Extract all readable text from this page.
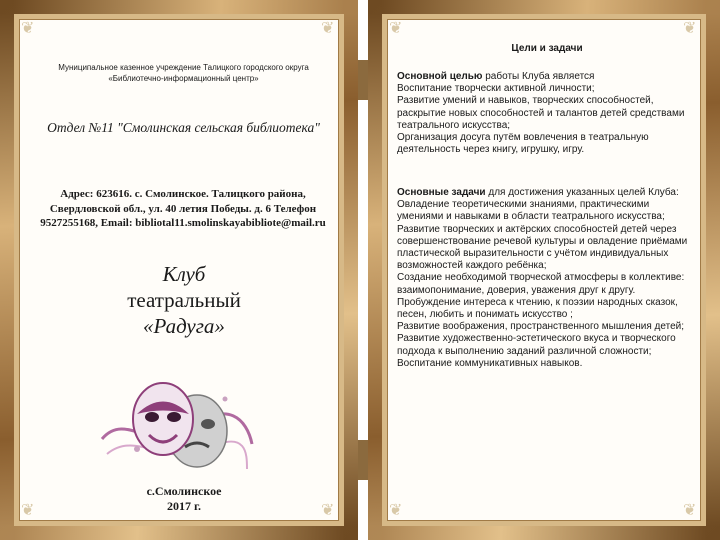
❦	❦
❦	❦

Муниципальное казенное учреждение Талицкого городского округа «Библиотечно-информационный центр»

Отдел №11 "Смолинская сельская библиотека"

Адрес: 623616. с. Смолинское. Талицкого района, Свердловской обл., ул. 40 летия Победы. д. 6 Телефон 9527255168, Email: bibliotal11.smolinskayabibliote@mail.ru

Клуб
театральный
«Радуга»
с.Смолинское
2017 г.
❦	❦
❦	❦

Цели и задачи

Основной целью работы Клуба является
Воспитание творчески активной личности;
Развитие умений и навыков, творческих способностей, раскрытие новых способностей и талантов детей средствами театрального искусства;
Организация досуга путём вовлечения в театральную деятельность через книгу, игрушку, игру.
Основные задачи для достижения указанных целей Клуба:
Овладение теоретическими знаниями, практическими умениями и навыками в области театрального искусства;
Развитие творческих и актёрских способностей детей через совершенствование речевой культуры и овладение приёмами пластической выразительности с учётом индивидуальных возможностей каждого ребёнка;
Создание необходимой творческой атмосферы в коллективе: взаимопонимание, доверия, уважения друг к другу.
Пробуждение интереса к чтению, к поэзии народных сказок, песен, любить и понимать искусство ;
Развитие воображения, пространственного мышления детей;
Развитие художественно-эстетического вкуса и творческого подхода к выполнению заданий различной сложности;
Воспитание коммуникативных навыков.
